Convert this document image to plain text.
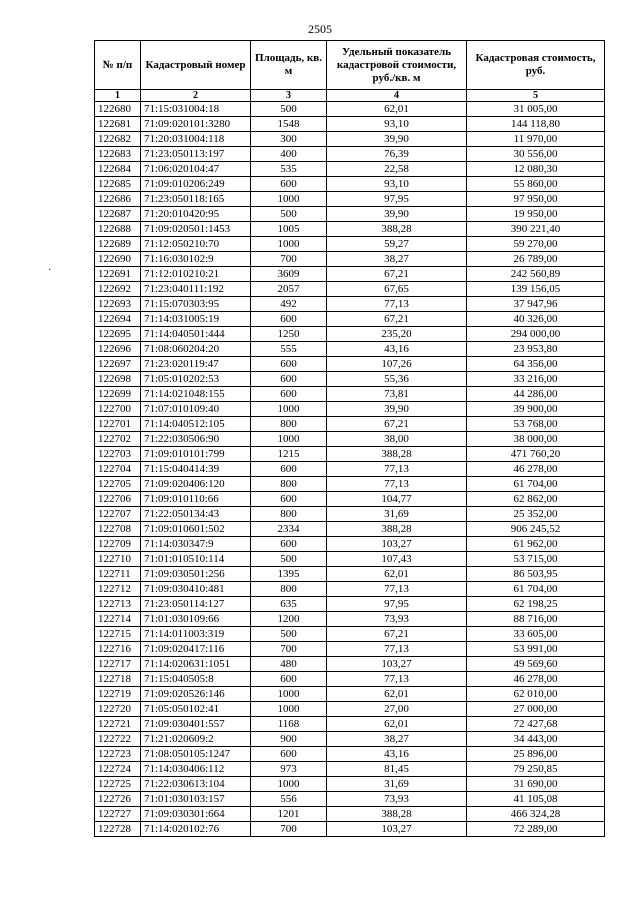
2505
№ п/п	Кадастровый номер	Площадь, кв. м	Удельный показатель кадастровой стоимости, руб./кв. м	Кадастровая стоимость, руб.
1	2	3	4	5
122680	71:15:031004:18	500	62,01	31 005,00
122681	71:09:020101:3280	1548	93,10	144 118,80
122682	71:20:031004:118	300	39,90	11 970,00
122683	71:23:050113:197	400	76,39	30 556,00
122684	71:06:020104:47	535	22,58	12 080,30
122685	71:09:010206:249	600	93,10	55 860,00
122686	71:23:050118:165	1000	97,95	97 950,00
122687	71:20:010420:95	500	39,90	19 950,00
122688	71:09:020501:1453	1005	388,28	390 221,40
122689	71:12:050210:70	1000	59,27	59 270,00
122690	71:16:030102:9	700	38,27	26 789,00
122691	71:12:010210:21	3609	67,21	242 560,89
122692	71:23:040111:192	2057	67,65	139 156,05
122693	71:15:070303:95	492	77,13	37 947,96
122694	71:14:031005:19	600	67,21	40 326,00
122695	71:14:040501:444	1250	235,20	294 000,00
122696	71:08:060204:20	555	43,16	23 953,80
122697	71:23:020119:47	600	107,26	64 356,00
122698	71:05:010202:53	600	55,36	33 216,00
122699	71:14:021048:155	600	73,81	44 286,00
122700	71:07:010109:40	1000	39,90	39 900,00
122701	71:14:040512:105	800	67,21	53 768,00
122702	71:22:030506:90	1000	38,00	38 000,00
122703	71:09:010101:799	1215	388,28	471 760,20
122704	71:15:040414:39	600	77,13	46 278,00
122705	71:09:020406:120	800	77,13	61 704,00
122706	71:09:010110:66	600	104,77	62 862,00
122707	71:22:050134:43	800	31,69	25 352,00
122708	71:09:010601:502	2334	388,28	906 245,52
122709	71:14:030347:9	600	103,27	61 962,00
122710	71:01:010510:114	500	107,43	53 715,00
122711	71:09:030501:256	1395	62,01	86 503,95
122712	71:09:030410:481	800	77,13	61 704,00
122713	71:23:050114:127	635	97,95	62 198,25
122714	71:01:030109:66	1200	73,93	88 716,00
122715	71:14:011003:319	500	67,21	33 605,00
122716	71:09:020417:116	700	77,13	53 991,00
122717	71:14:020631:1051	480	103,27	49 569,60
122718	71:15:040505:8	600	77,13	46 278,00
122719	71:09:020526:146	1000	62,01	62 010,00
122720	71:05:050102:41	1000	27,00	27 000,00
122721	71:09:030401:557	1168	62,01	72 427,68
122722	71:21:020609:2	900	38,27	34 443,00
122723	71:08:050105:1247	600	43,16	25 896,00
122724	71:14:030406:112	973	81,45	79 250,85
122725	71:22:030613:104	1000	31,69	31 690,00
122726	71:01:030103:157	556	73,93	41 105,08
122727	71:09:030301:664	1201	388,28	466 324,28
122728	71:14:020102:76	700	103,27	72 289,00
·
